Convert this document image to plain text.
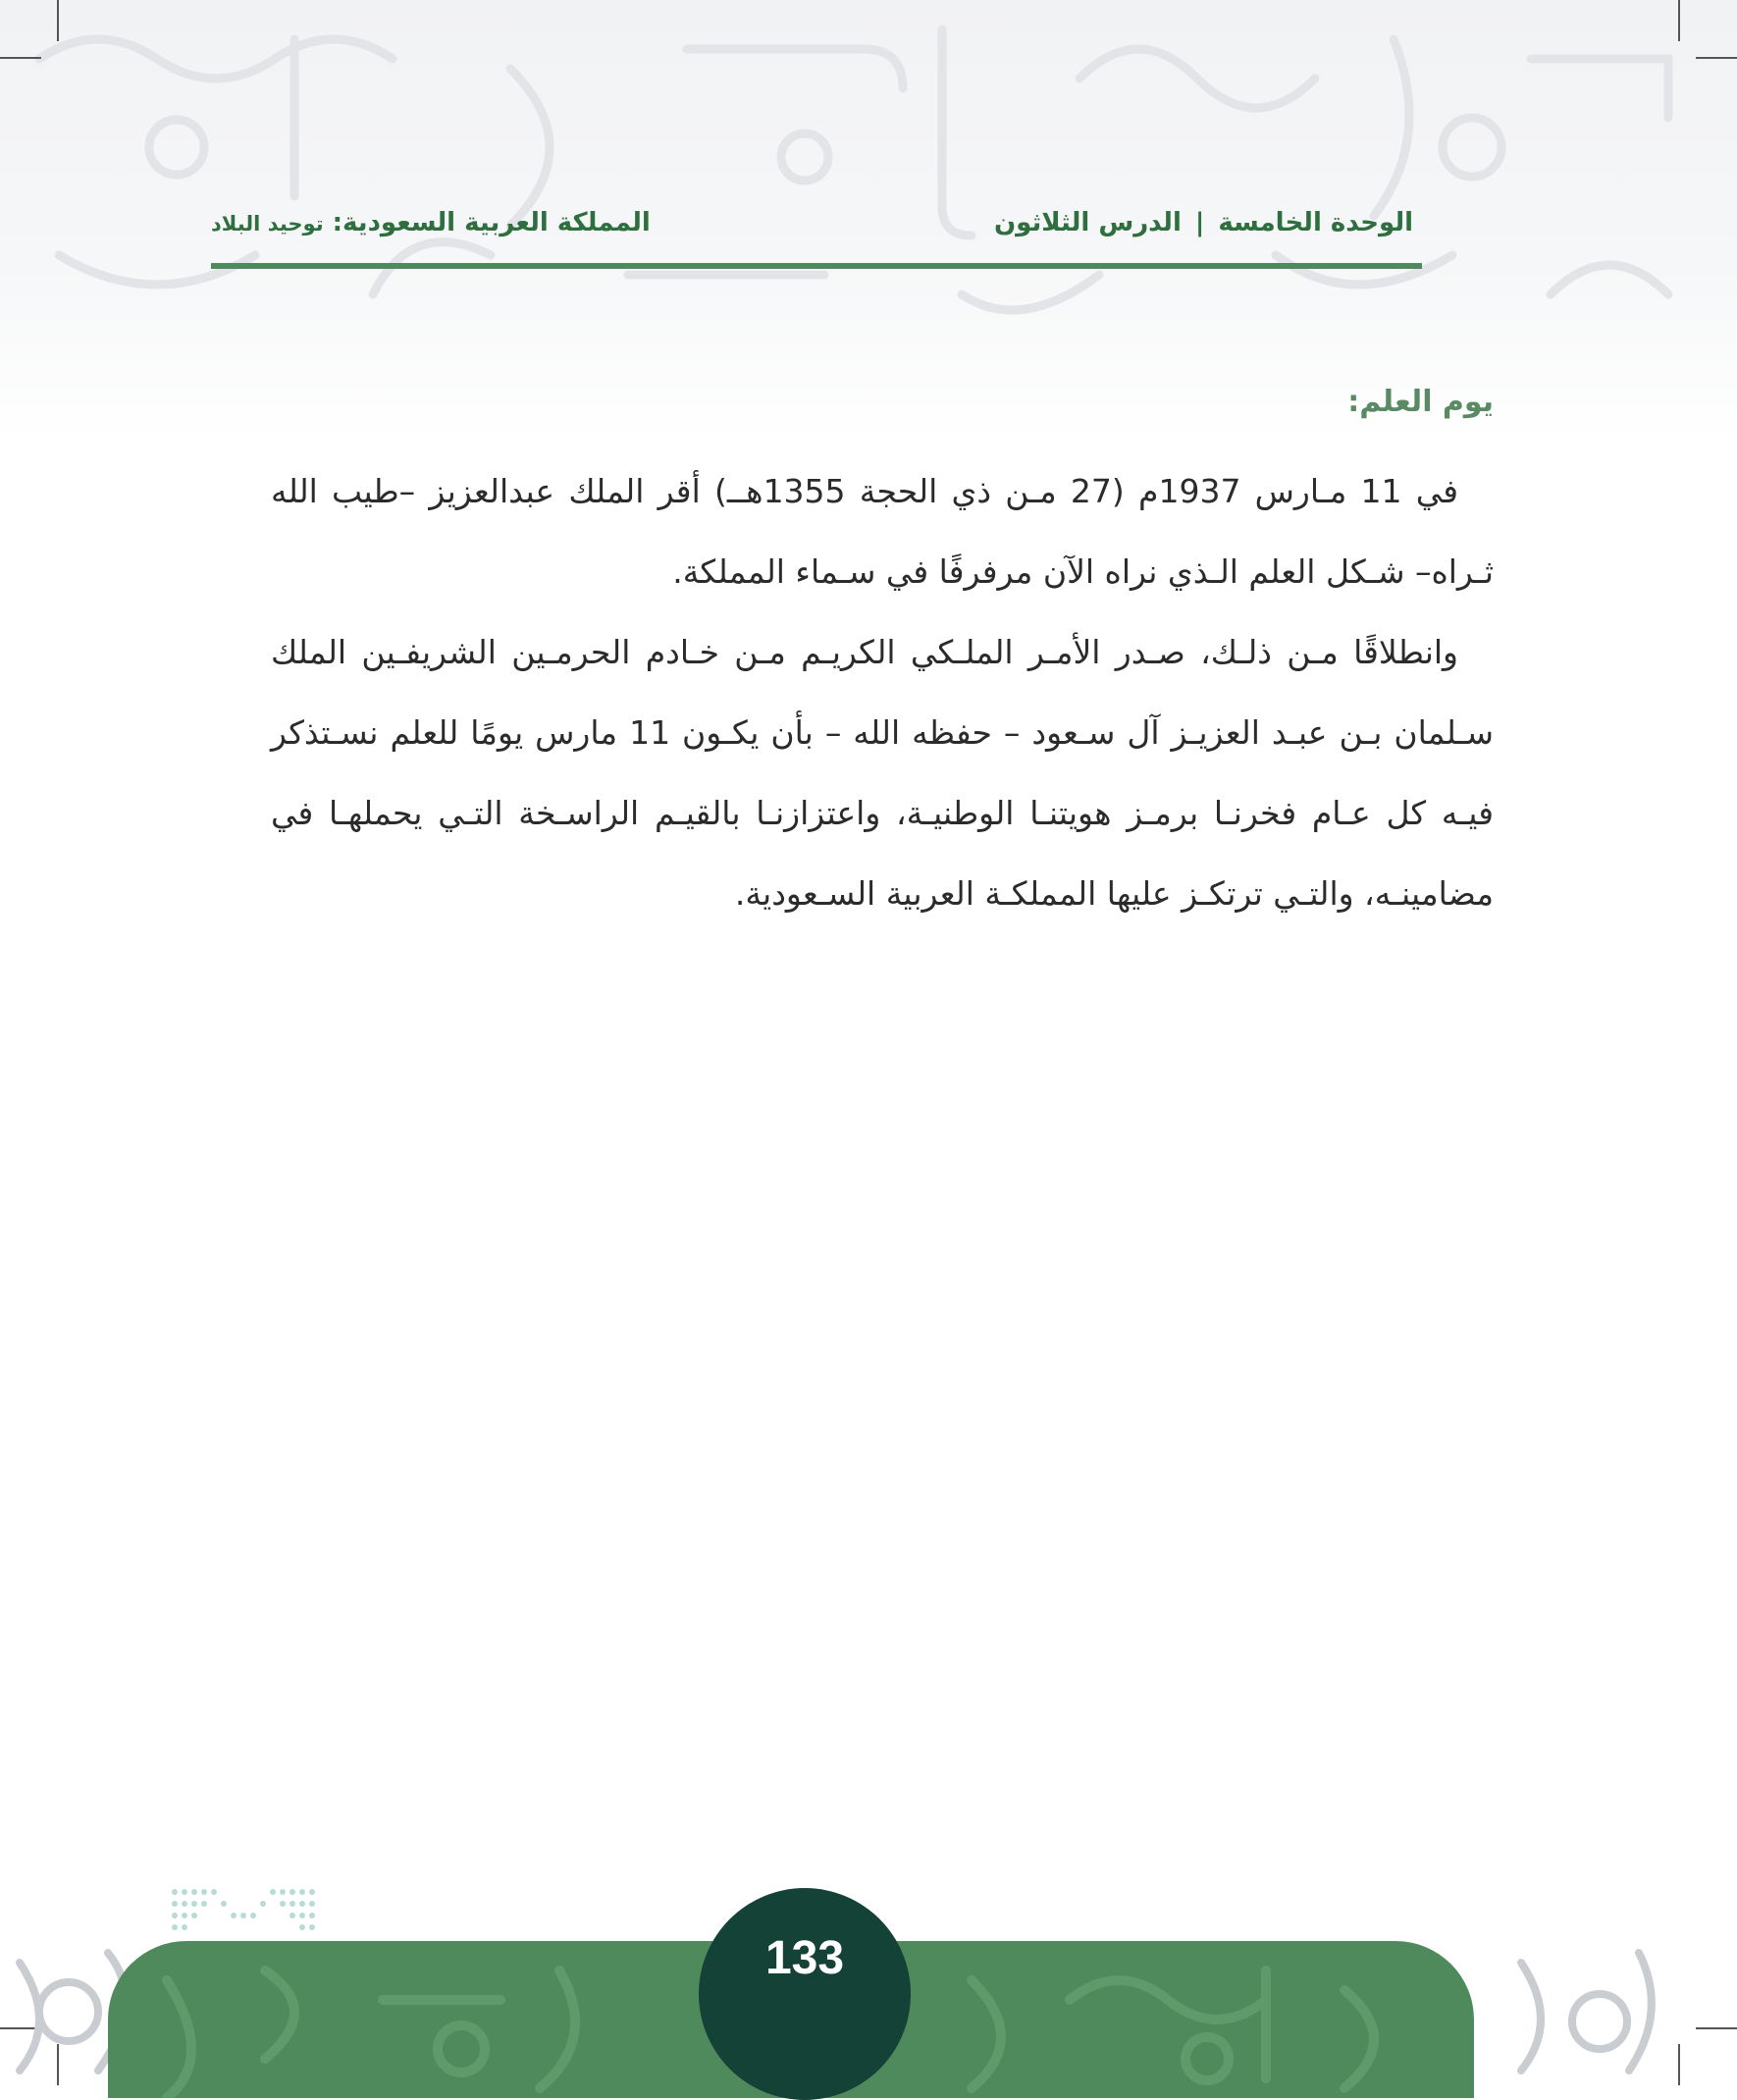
الوحدة الخامسة|الدرس الثلاثون
المملكة العربية السعودية: توحيد البلاد
يوم العلم:

في 11 مـارس 1937م (27 مـن ذي الحجة 1355هــ) أقر الملك عبدالعزيز –طيب الله ثـراه– شـكل العلم الـذي نراه الآن مرفرفًا في سـماء المملكة.

وانطلاقًا مـن ذلـك، صـدر الأمـر الملـكي الكريـم مـن خـادم الحرمـين الشريفـين الملك سـلمان بـن عبـد العزيـز آل سـعود – حفظه الله – بأن يكـون 11 مارس يومًا للعلم نسـتذكر فيـه كل عـام فخرنـا برمـز هويتنـا الوطنيـة، واعتزازنـا بالقيـم الراسـخة التـي يحملهـا في مضامينـه، والتـي ترتكـز عليها المملكـة العربية السـعودية.

133
